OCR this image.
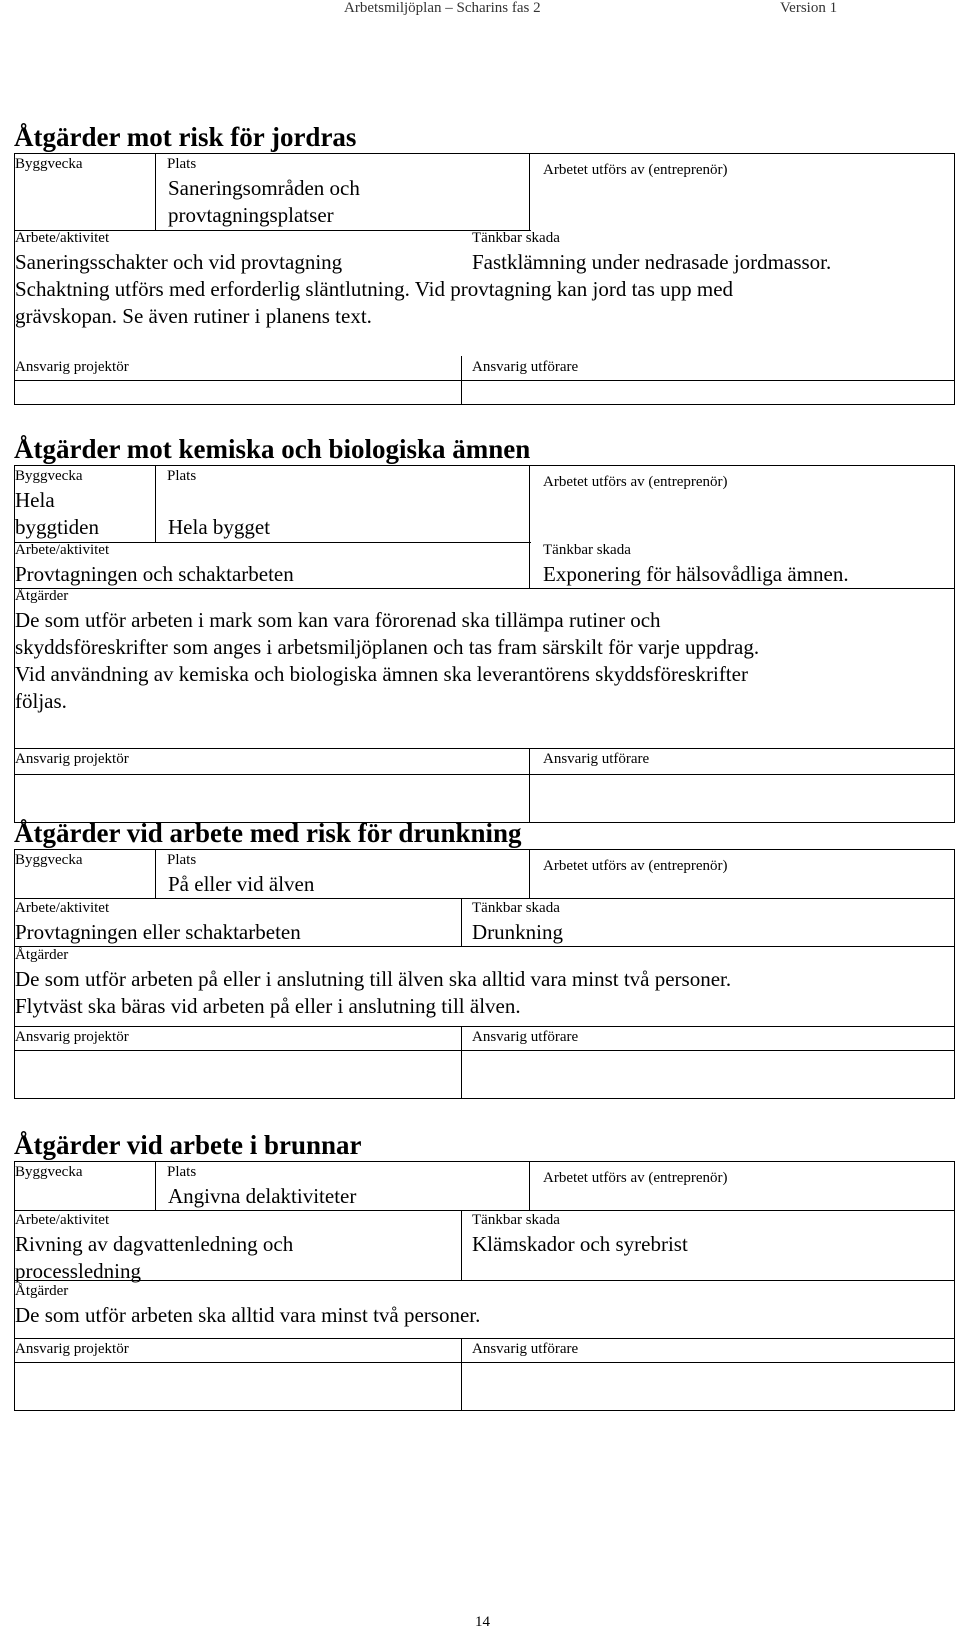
Arbetsmiljöplan – Scharins fas 2	Version 1
Åtgärder mot risk för jordras
Byggvecka	Plats
Saneringsområden och
provtagningsplatser
Arbetet utförs av (entreprenör)
Arbete/aktivitet
Saneringsschakter och vid provtagning
Tänkbar skada
Fastklämning under nedrasade jordmassor.
Schaktning utförs med erforderlig släntlutning. Vid provtagning kan jord tas upp med
grävskopan. Se även rutiner i planens text.
Ansvarig projektör	Ansvarig utförare
Åtgärder mot kemiska och biologiska ämnen
Byggvecka
Hela
byggtiden
Plats
Hela bygget
Arbetet utförs av (entreprenör)
Arbete/aktivitet
Provtagningen och schaktarbeten
Tänkbar skada
Exponering för hälsovådliga ämnen.
Åtgärder
De som utför arbeten i mark som kan vara förorenad ska tillämpa rutiner och
skyddsföreskrifter som anges i arbetsmiljöplanen och tas fram särskilt för varje uppdrag.
Vid användning av kemiska och biologiska ämnen ska leverantörens skyddsföreskrifter
följas.
Ansvarig projektör	Ansvarig utförare
Åtgärder vid arbete med risk för drunkning
Byggvecka	Plats
På eller vid älven
Arbetet utförs av (entreprenör)
Arbete/aktivitet
Provtagningen eller schaktarbeten
Tänkbar skada
Drunkning
Åtgärder
De som utför arbeten på eller i anslutning till älven ska alltid vara minst två personer.
Flytväst ska bäras vid arbeten på eller i anslutning till älven.
Ansvarig projektör	Ansvarig utförare
Åtgärder vid arbete i brunnar
Byggvecka	Plats
Angivna delaktiviteter
Arbetet utförs av (entreprenör)
Arbete/aktivitet
Rivning av dagvattenledning och
processledning
Tänkbar skada
Klämskador och syrebrist
Åtgärder
De som utför arbeten ska alltid vara minst två personer.
Ansvarig projektör	Ansvarig utförare
14
